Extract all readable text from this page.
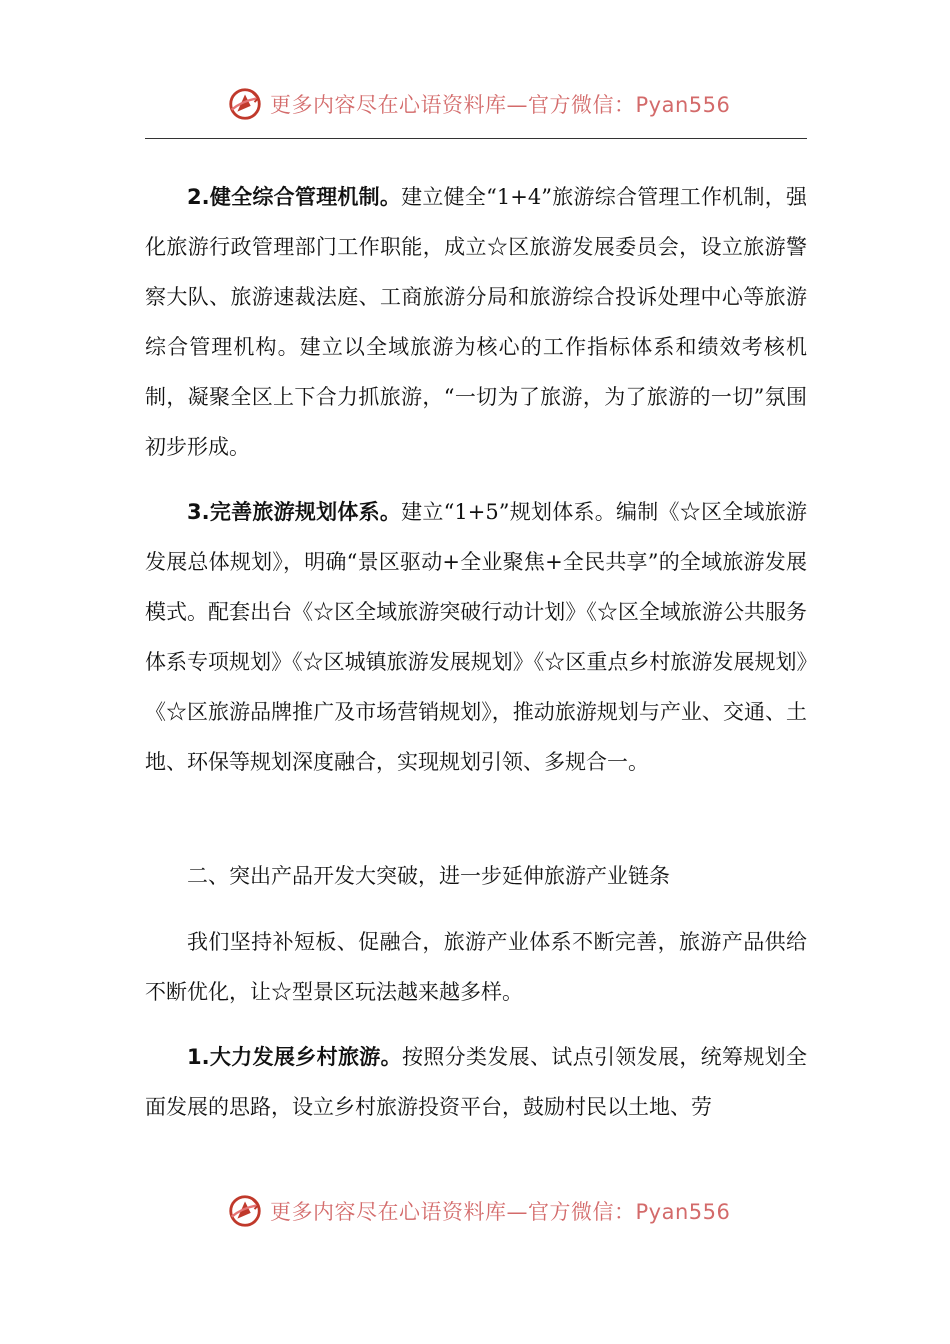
更多内容尽在心语资料库—官方微信：Pyan556

2.健全综合管理机制。建立健全“1+4”旅游综合管理工作机制，强化旅游行政管理部门工作职能，成立☆区旅游发展委员会，设立旅游警察大队、旅游速裁法庭、工商旅游分局和旅游综合投诉处理中心等旅游综合管理机构。建立以全域旅游为核心的工作指标体系和绩效考核机制，凝聚全区上下合力抓旅游，“一切为了旅游，为了旅游的一切”氛围初步形成。

3.完善旅游规划体系。建立“1+5”规划体系。编制《☆区全域旅游发展总体规划》，明确“景区驱动+全业聚焦+全民共享”的全域旅游发展模式。配套出台《☆区全域旅游突破行动计划》《☆区全域旅游公共服务体系专项规划》《☆区城镇旅游发展规划》《☆区重点乡村旅游发展规划》《☆区旅游品牌推广及市场营销规划》，推动旅游规划与产业、交通、土地、环保等规划深度融合，实现规划引领、多规合一。

二、突出产品开发大突破，进一步延伸旅游产业链条

我们坚持补短板、促融合，旅游产业体系不断完善，旅游产品供给不断优化，让☆型景区玩法越来越多样。

1.大力发展乡村旅游。按照分类发展、试点引领发展，统筹规划全面发展的思路，设立乡村旅游投资平台，鼓励村民以土地、劳

更多内容尽在心语资料库—官方微信：Pyan556
